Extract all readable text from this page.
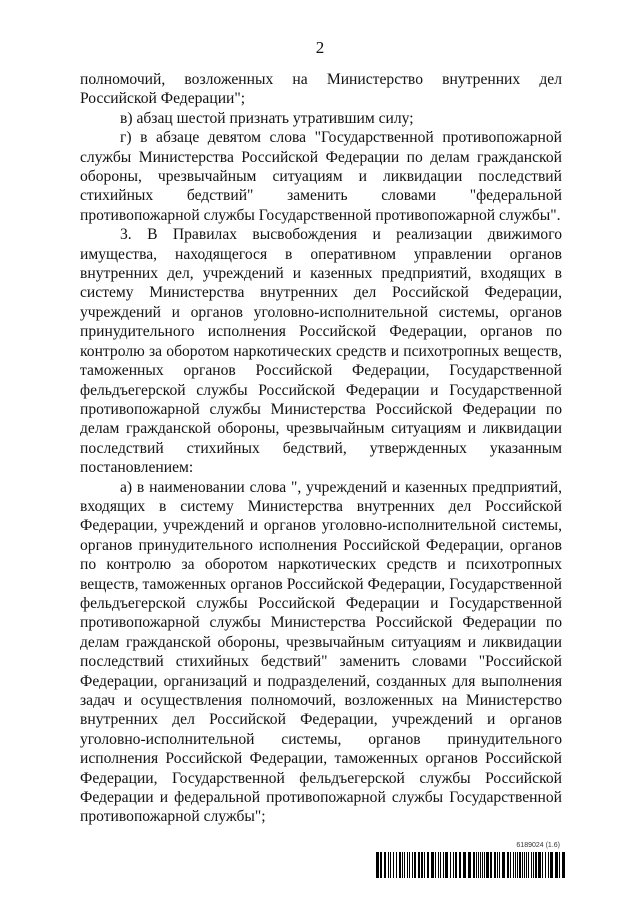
2

полномочий, возложенных на Министерство внутренних дел Российской Федерации";

в) абзац шестой признать утратившим силу;

г) в абзаце девятом слова "Государственной противопожарной службы Министерства Российской Федерации по делам гражданской обороны, чрезвычайным ситуациям и ликвидации последствий стихийных бедствий" заменить словами "федеральной противопожарной службы Государственной противопожарной службы".

3. В Правилах высвобождения и реализации движимого имущества, находящегося в оперативном управлении органов внутренних дел, учреждений и казенных предприятий, входящих в систему Министерства внутренних дел Российской Федерации, учреждений и органов уголовно-исполнительной системы, органов принудительного исполнения Российской Федерации, органов по контролю за оборотом наркотических средств и психотропных веществ, таможенных органов Российской Федерации, Государственной фельдъегерской службы Российской Федерации и Государственной противопожарной службы Министерства Российской Федерации по делам гражданской обороны, чрезвычайным ситуациям и ликвидации последствий стихийных бедствий, утвержденных указанным постановлением:

а) в наименовании слова ", учреждений и казенных предприятий, входящих в систему Министерства внутренних дел Российской Федерации, учреждений и органов уголовно-исполнительной системы, органов принудительного исполнения Российской Федерации, органов по контролю за оборотом наркотических средств и психотропных веществ, таможенных органов Российской Федерации, Государственной фельдъегерской службы Российской Федерации и Государственной противопожарной службы Министерства Российской Федерации по делам гражданской обороны, чрезвычайным ситуациям и ликвидации последствий стихийных бедствий" заменить словами "Российской Федерации, организаций и подразделений, созданных для выполнения задач и осуществления полномочий, возложенных на Министерство внутренних дел Российской Федерации, учреждений и органов уголовно-исполнительной системы, органов принудительного исполнения Российской Федерации, таможенных органов Российской Федерации, Государственной фельдъегерской службы Российской Федерации и федеральной противопожарной службы Государственной противопожарной службы";

6189024 (1.6)
